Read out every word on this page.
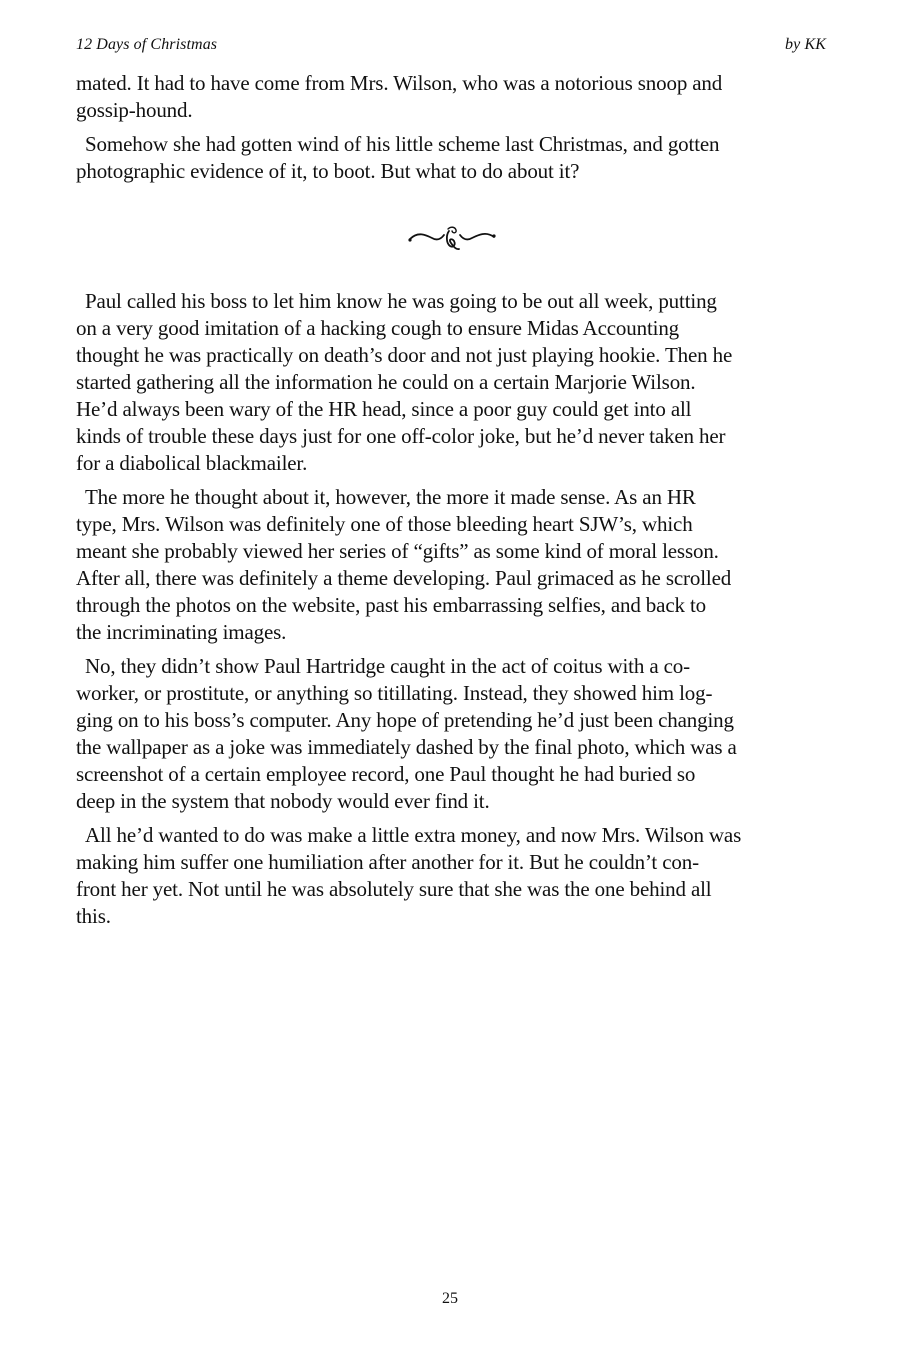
12 Days of Christmas	by KK
mated. It had to have come from Mrs. Wilson, who was a notorious snoop and
gossip-hound.
Somehow she had gotten wind of his little scheme last Christmas, and gotten
photographic evidence of it, to boot. But what to do about it?
Paul called his boss to let him know he was going to be out all week, putting
on a very good imitation of a hacking cough to ensure Midas Accounting
thought he was practically on death’s door and not just playing hookie. Then he
started gathering all the information he could on a certain Marjorie Wilson.
He’d always been wary of the HR head, since a poor guy could get into all
kinds of trouble these days just for one off-color joke, but he’d never taken her
for a diabolical blackmailer.
The more he thought about it, however, the more it made sense. As an HR
type, Mrs. Wilson was definitely one of those bleeding heart SJW’s, which
meant she probably viewed her series of “gifts” as some kind of moral lesson.
After all, there was definitely a theme developing. Paul grimaced as he scrolled
through the photos on the website, past his embarrassing selfies, and back to
the incriminating images.
No, they didn’t show Paul Hartridge caught in the act of coitus with a co-
worker, or prostitute, or anything so titillating. Instead, they showed him log-
ging on to his boss’s computer. Any hope of pretending he’d just been changing
the wallpaper as a joke was immediately dashed by the final photo, which was a
screenshot of a certain employee record, one Paul thought he had buried so
deep in the system that nobody would ever find it.
All he’d wanted to do was make a little extra money, and now Mrs. Wilson was
making him suffer one humiliation after another for it. But he couldn’t con-
front her yet. Not until he was absolutely sure that she was the one behind all
this.
25
